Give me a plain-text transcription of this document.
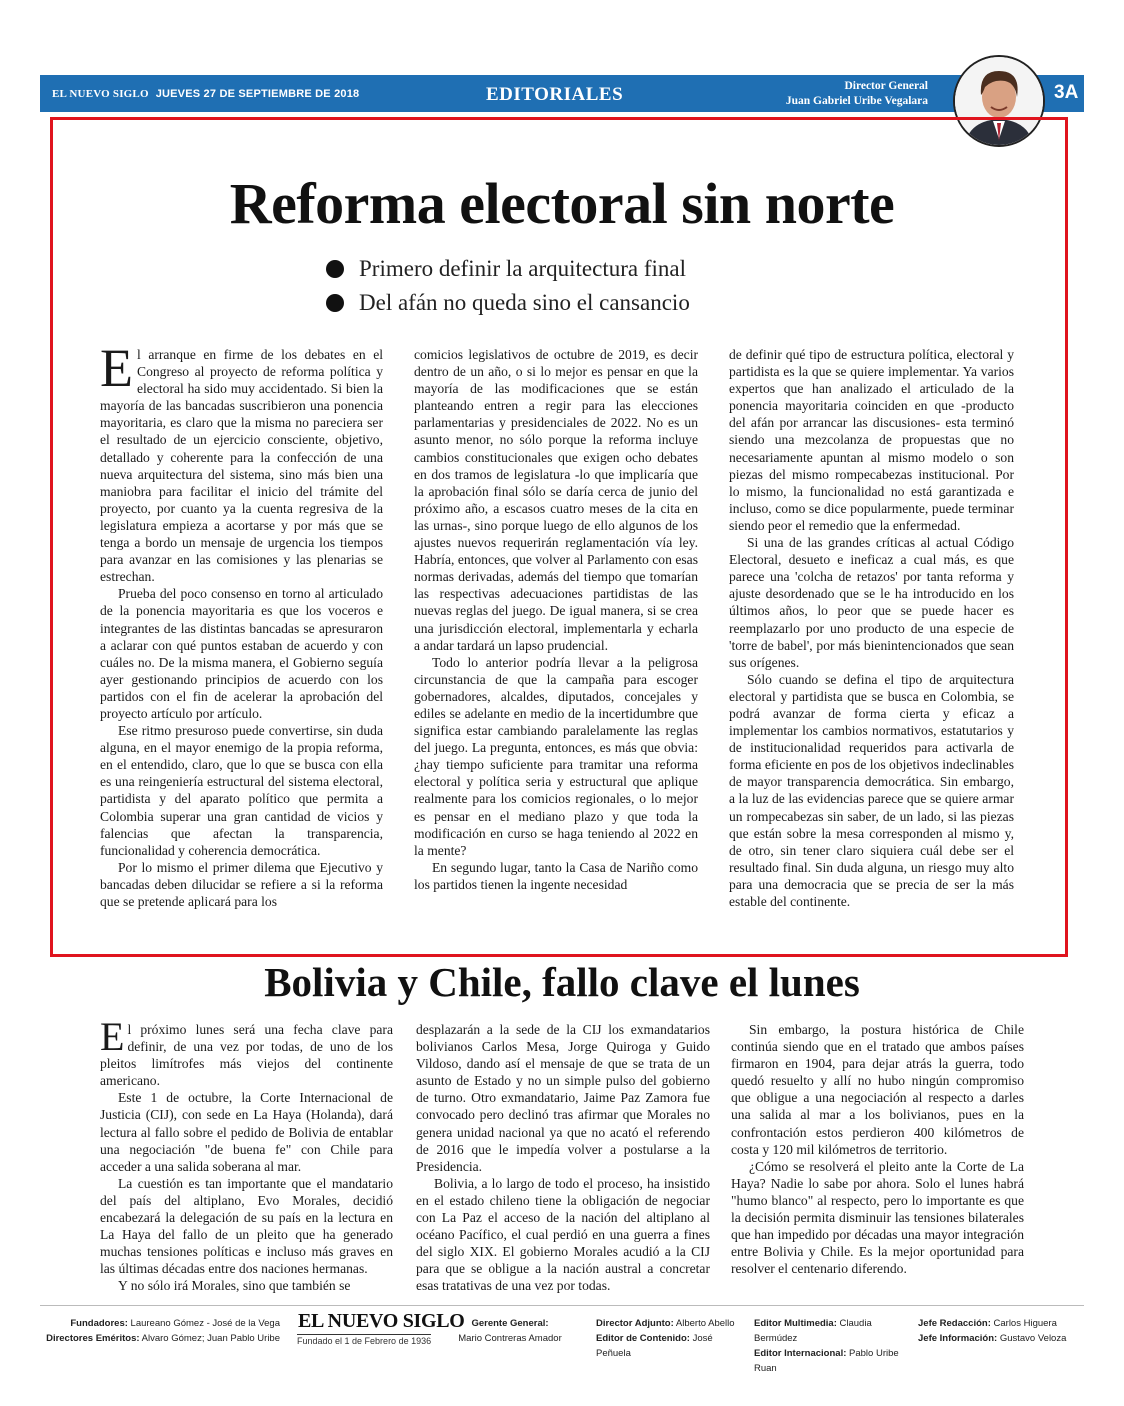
EL NUEVO SIGLO JUEVES 27 DE SEPTIEMBRE DE 2018	EDITORIALES	Director General
Juan Gabriel Uribe Vegalara	3A
Reforma electoral sin norte
Primero definir la arquitectura final
Del afán no queda sino el cansancio

El arranque en firme de los debates en el Congreso al proyecto de reforma política y electoral ha sido muy accidentado. Si bien la mayoría de las bancadas suscribieron una ponencia mayoritaria, es claro que la misma no pareciera ser el resultado de un ejercicio consciente, objetivo, detallado y coherente para la confección de una nueva arquitectura del sistema, sino más bien una maniobra para facilitar el inicio del trámite del proyecto, por cuanto ya la cuenta regresiva de la legislatura empieza a acortarse y por más que se tenga a bordo un mensaje de urgencia los tiempos para avanzar en las comisiones y las plenarias se estrechan.

Prueba del poco consenso en torno al articulado de la ponencia mayoritaria es que los voceros e integrantes de las distintas bancadas se apresuraron a aclarar con qué puntos estaban de acuerdo y con cuáles no. De la misma manera, el Gobierno seguía ayer gestionando principios de acuerdo con los partidos con el fin de acelerar la aprobación del proyecto artículo por artículo.

Ese ritmo presuroso puede convertirse, sin duda alguna, en el mayor enemigo de la propia reforma, en el entendido, claro, que lo que se busca con ella es una reingeniería estructural del sistema electoral, partidista y del aparato político que permita a Colombia superar una gran cantidad de vicios y falencias que afectan la transparencia, funcionalidad y coherencia democrática.

Por lo mismo el primer dilema que Ejecutivo y bancadas deben dilucidar se refiere a si la reforma que se pretende aplicará para los

comicios legislativos de octubre de 2019, es decir dentro de un año, o si lo mejor es pensar en que la mayoría de las modificaciones que se están planteando entren a regir para las elecciones parlamentarias y presidenciales de 2022. No es un asunto menor, no sólo porque la reforma incluye cambios constitucionales que exigen ocho debates en dos tramos de legislatura -lo que implicaría que la aprobación final sólo se daría cerca de junio del próximo año, a escasos cuatro meses de la cita en las urnas-, sino porque luego de ello algunos de los ajustes nuevos requerirán reglamentación vía ley. Habría, entonces, que volver al Parlamento con esas normas derivadas, además del tiempo que tomarían las respectivas adecuaciones partidistas de las nuevas reglas del juego. De igual manera, si se crea una jurisdicción electoral, implementarla y echarla a andar tardará un lapso prudencial.

Todo lo anterior podría llevar a la peligrosa circunstancia de que la campaña para escoger gobernadores, alcaldes, diputados, concejales y ediles se adelante en medio de la incertidumbre que significa estar cambiando paralelamente las reglas del juego. La pregunta, entonces, es más que obvia: ¿hay tiempo suficiente para tramitar una reforma electoral y política seria y estructural que aplique realmente para los comicios regionales, o lo mejor es pensar en el mediano plazo y que toda la modificación en curso se haga teniendo al 2022 en la mente?

En segundo lugar, tanto la Casa de Nariño como los partidos tienen la ingente necesidad

de definir qué tipo de estructura política, electoral y partidista es la que se quiere implementar. Ya varios expertos que han analizado el articulado de la ponencia mayoritaria coinciden en que -producto del afán por arrancar las discusiones- esta terminó siendo una mezcolanza de propuestas que no necesariamente apuntan al mismo modelo o son piezas del mismo rompecabezas institucional. Por lo mismo, la funcionalidad no está garantizada e incluso, como se dice popularmente, puede terminar siendo peor el remedio que la enfermedad.

Si una de las grandes críticas al actual Código Electoral, desueto e ineficaz a cual más, es que parece una 'colcha de retazos' por tanta reforma y ajuste desordenado que se le ha introducido en los últimos años, lo peor que se puede hacer es reemplazarlo por uno producto de una especie de 'torre de babel', por más bienintencionados que sean sus orígenes.

Sólo cuando se defina el tipo de arquitectura electoral y partidista que se busca en Colombia, se podrá avanzar de forma cierta y eficaz a implementar los cambios normativos, estatutarios y de institucionalidad requeridos para activarla de forma eficiente en pos de los objetivos indeclinables de mayor transparencia democrática. Sin embargo, a la luz de las evidencias parece que se quiere armar un rompecabezas sin saber, de un lado, si las piezas que están sobre la mesa corresponden al mismo y, de otro, sin tener claro siquiera cuál debe ser el resultado final. Sin duda alguna, un riesgo muy alto para una democracia que se precia de ser la más estable del continente.

Bolivia y Chile, fallo clave el lunes

El próximo lunes será una fecha clave para definir, de una vez por todas, de uno de los pleitos limítrofes más viejos del continente americano.

Este 1 de octubre, la Corte Internacional de Justicia (CIJ), con sede en La Haya (Holanda), dará lectura al fallo sobre el pedido de Bolivia de entablar una negociación "de buena fe" con Chile para acceder a una salida soberana al mar.

La cuestión es tan importante que el mandatario del país del altiplano, Evo Morales, decidió encabezará la delegación de su país en la lectura en La Haya del fallo de un pleito que ha generado muchas tensiones políticas e incluso más graves en las últimas décadas entre dos naciones hermanas.

Y no sólo irá Morales, sino que también se

desplazarán a la sede de la CIJ los exmandatarios bolivianos Carlos Mesa, Jorge Quiroga y Guido Vildoso, dando así el mensaje de que se trata de un asunto de Estado y no un simple pulso del gobierno de turno. Otro exmandatario, Jaime Paz Zamora fue convocado pero declinó tras afirmar que Morales no genera unidad nacional ya que no acató el referendo de 2016 que le impedía volver a postularse a la Presidencia.

Bolivia, a lo largo de todo el proceso, ha insistido en el estado chileno tiene la obligación de negociar con La Paz el acceso de la nación del altiplano al océano Pacífico, el cual perdió en una guerra a fines del siglo XIX. El gobierno Morales acudió a la CIJ para que se obligue a la nación austral a concretar esas tratativas de una vez por todas.

Sin embargo, la postura histórica de Chile continúa siendo que en el tratado que ambos países firmaron en 1904, para dejar atrás la guerra, todo quedó resuelto y allí no hubo ningún compromiso que obligue a una negociación al respecto a darles una salida al mar a los bolivianos, pues en la confrontación estos perdieron 400 kilómetros de costa y 120 mil kilómetros de territorio.

¿Cómo se resolverá el pleito ante la Corte de La Haya? Nadie lo sabe por ahora. Solo el lunes habrá "humo blanco" al respecto, pero lo importante es que la decisión permita disminuir las tensiones bilaterales que han impedido por décadas una mayor integración entre Bolivia y Chile. Es la mejor oportunidad para resolver el centenario diferendo.

Fundadores: Laureano Gómez - José de la Vega
Directores Eméritos: Alvaro Gómez; Juan Pablo Uribe
EL NUEVO SIGLO
Fundado el 1 de Febrero de 1936
Gerente General:
Mario Contreras Amador
Director Adjunto: Alberto Abello
Editor de Contenido: José Peñuela
Editor Multimedia: Claudia Bermúdez
Editor Internacional: Pablo Uribe Ruan
Jefe Redacción: Carlos Higuera
Jefe Información: Gustavo Veloza
